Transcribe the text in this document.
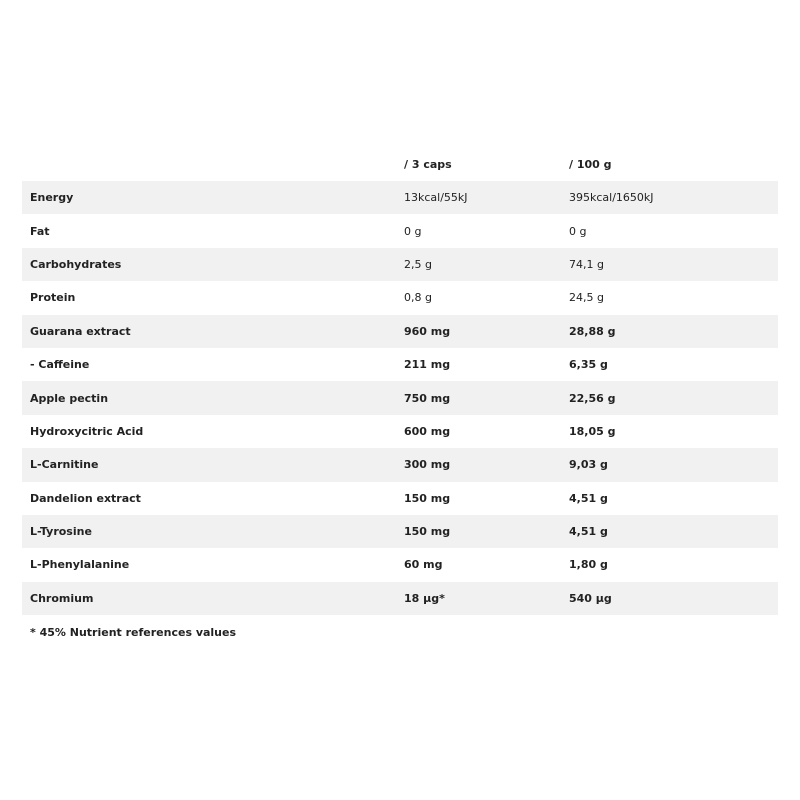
	/ 3 caps	/ 100 g
Energy	13kcal/55kJ	395kcal/1650kJ
Fat	0 g	0 g
Carbohydrates	2,5 g	74,1 g
Protein	0,8 g	24,5 g
Guarana extract	960 mg	28,88 g
- Caffeine	211 mg	6,35 g
Apple pectin	750 mg	22,56 g
Hydroxycitric Acid	600 mg	18,05 g
L-Carnitine	300 mg	9,03 g
Dandelion extract	150 mg	4,51 g
L-Tyrosine	150 mg	4,51 g
L-Phenylalanine	60 mg	1,80 g
Chromium	18 µg*	540 µg
* 45% Nutrient references values
